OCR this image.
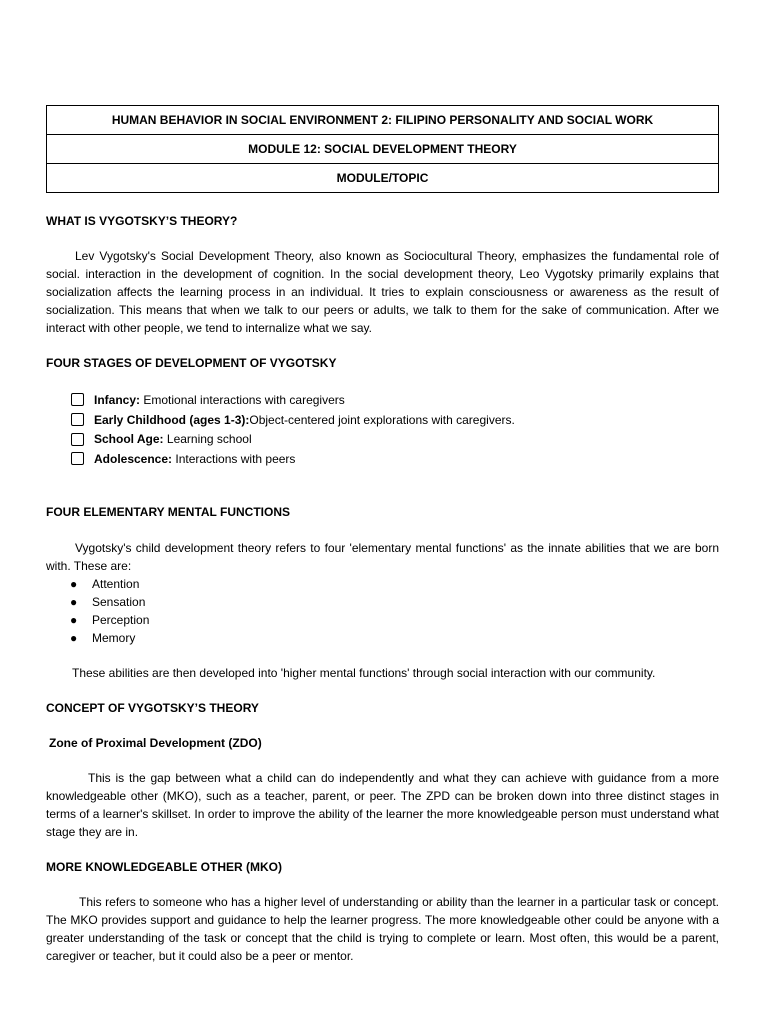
HUMAN BEHAVIOR IN SOCIAL ENVIRONMENT 2: FILIPINO PERSONALITY AND SOCIAL WORK
MODULE 12: SOCIAL DEVELOPMENT THEORY
MODULE/TOPIC

WHAT IS VYGOTSKY’S THEORY?

Lev Vygotsky's Social Development Theory, also known as Sociocultural Theory, emphasizes the fundamental role of social. interaction in the development of cognition. In the social development theory, Leo Vygotsky primarily explains that socialization affects the learning process in an individual. It tries to explain consciousness or awareness as the result of socialization. This means that when we talk to our peers or adults, we talk to them for the sake of communication. After we interact with other people, we tend to internalize what we say.

FOUR STAGES OF DEVELOPMENT OF VYGOTSKY

Infancy: Emotional interactions with caregivers
Early Childhood (ages 1-3):Object-centered joint explorations with caregivers.
School Age: Learning school
Adolescence: Interactions with peers

FOUR ELEMENTARY MENTAL FUNCTIONS

Vygotsky's child development theory refers to four 'elementary mental functions' as the innate abilities that we are born with. These are:

●	Attention
●	Sensation
●	Perception
●	Memory

These abilities are then developed into 'higher mental functions' through social interaction with our community.

CONCEPT OF VYGOTSKY’S THEORY

Zone of Proximal Development (ZDO)

This is the gap between what a child can do independently and what they can achieve with guidance from a more knowledgeable other (MKO), such as a teacher, parent, or peer. The ZPD can be broken down into three distinct stages in terms of a learner's skillset. In order to improve the ability of the learner the more knowledgeable person must understand what stage they are in.

MORE KNOWLEDGEABLE OTHER (MKO)

This refers to someone who has a higher level of understanding or ability than the learner in a particular task or concept. The MKO provides support and guidance to help the learner progress. The more knowledgeable other could be anyone with a greater understanding of the task or concept that the child is trying to complete or learn. Most often, this would be a parent, caregiver or teacher, but it could also be a peer or mentor.
